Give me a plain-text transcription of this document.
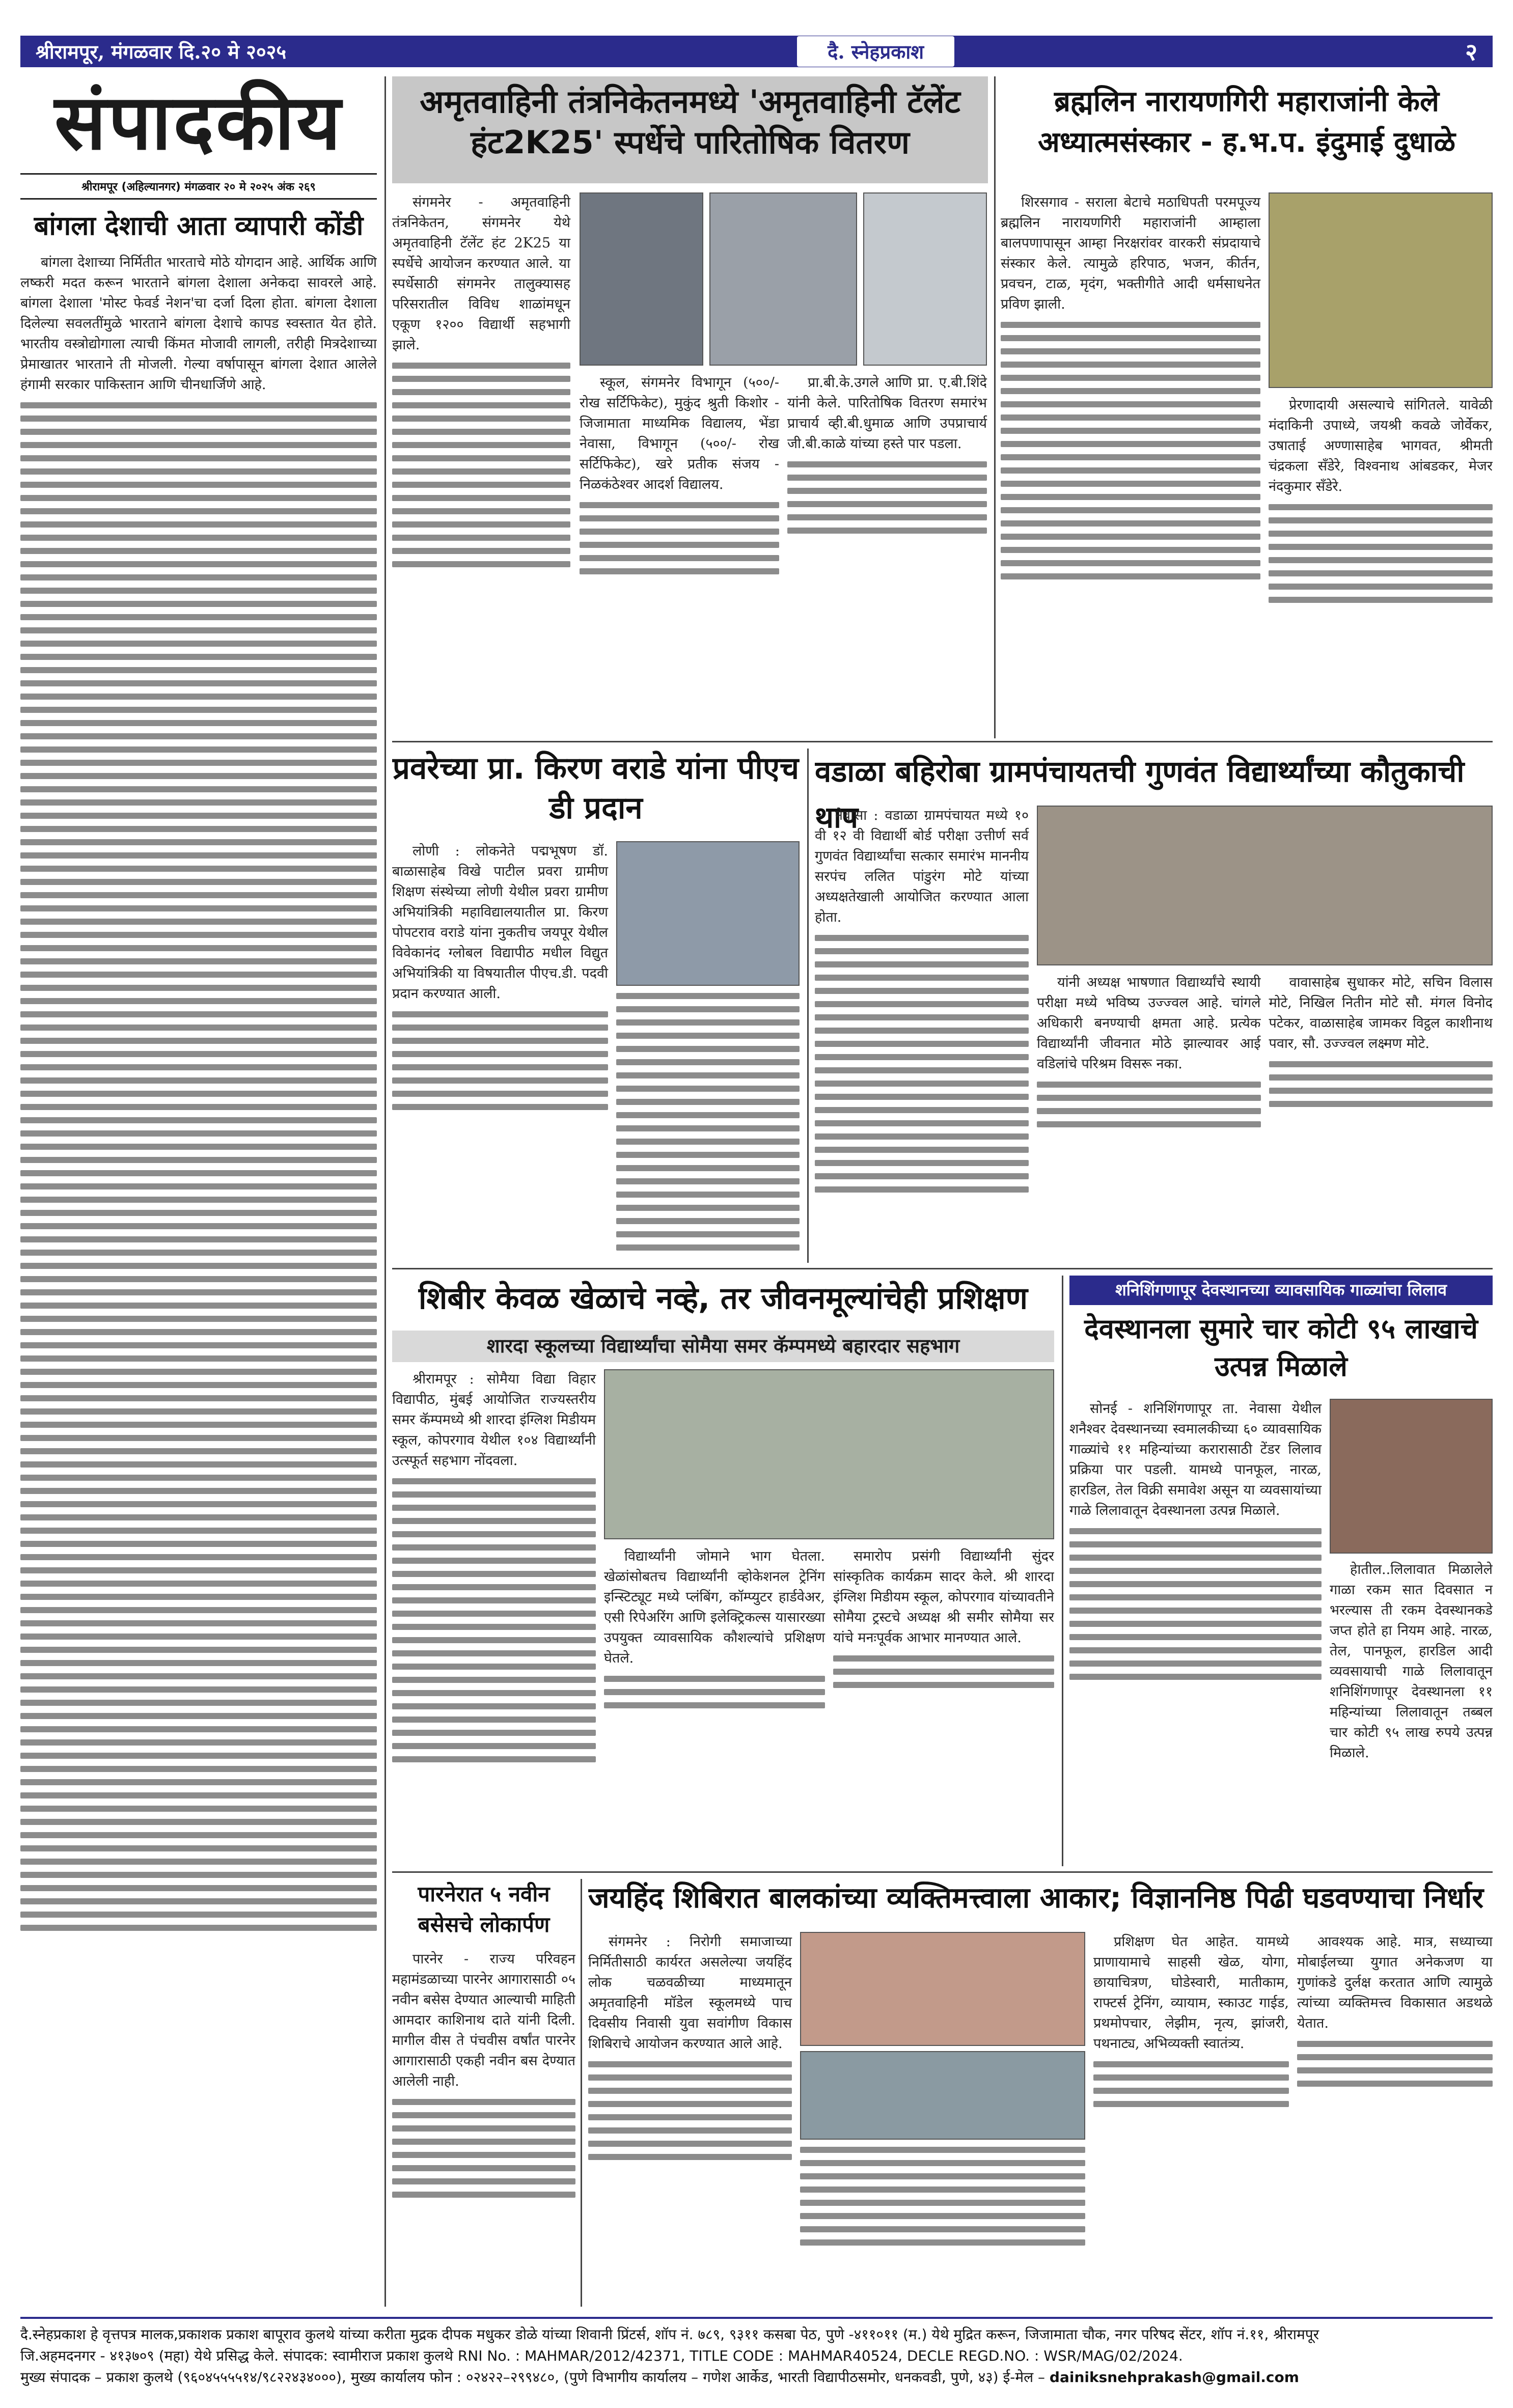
श्रीरामपूर, मंगळवार दि.२० मे २०२५	दै. स्नेहप्रकाश	२
संपादकीय
श्रीरामपूर (अहिल्यानगर) मंगळवार २० मे २०२५ अंक २६९
बांगला देशाची आता व्यापारी कोंडी

बांगला देशाच्या निर्मितीत भारताचे मोठे योगदान आहे. आर्थिक आणि लष्करी मदत करून भारताने बांगला देशाला अनेकदा सावरले आहे. बांगला देशाला 'मोस्ट फेवर्ड नेशन'चा दर्जा दिला होता. बांगला देशाला दिलेल्या सवलतींमुळे भारताने बांगला देशाचे कापड स्वस्तात येत होते. भारतीय वस्त्रोद्योगाला त्याची किंमत मोजावी लागली, तरीही मित्रदेशाच्या प्रेमाखातर भारताने ती मोजली. गेल्या वर्षापासून बांगला देशात आलेले हंगामी सरकार पाकिस्तान आणि चीनधार्जिणे आहे.

अमृतवाहिनी तंत्रनिकेतनमध्ये 'अमृतवाहिनी टॅलेंट हंट2K25' स्पर्धेचे पारितोषिक वितरण

संगमनेर - अमृतवाहिनी तंत्रनिकेतन, संगमनेर येथे अमृतवाहिनी टॅलेंट हंट 2K25 या स्पर्धेचे आयोजन करण्यात आले. या स्पर्धेसाठी संगमनेर तालुक्यासह परिसरातील विविध शाळांमधून एकूण १२०० विद्यार्थी सहभागी झाले.

स्कूल, संगमनेर विभागून (५००/- रोख सर्टिफिकेट), मुकुंद श्रुती किशोर - जिजामाता माध्यमिक विद्यालय, भेंडा नेवासा, विभागून (५००/- रोख सर्टिफिकेट), खरे प्रतीक संजय - निळकंठेश्वर आदर्श विद्यालय.

प्रा.बी.के.उगले आणि प्रा. ए.बी.शिंदे यांनी केले. पारितोषिक वितरण समारंभ प्राचार्य व्ही.बी.धुमाळ आणि उपप्राचार्य जी.बी.काळे यांच्या हस्ते पार पडला.

ब्रह्मलिन नारायणगिरी महाराजांनी केले अध्यात्मसंस्कार - ह.भ.प. इंदुमाई दुधाळे

शिरसगाव - सराला बेटाचे मठाधिपती परमपूज्य ब्रह्मलिन नारायणगिरी महाराजांनी आम्हाला बालपणापासून आम्हा निरक्षरांवर वारकरी संप्रदायाचे संस्कार केले. त्यामुळे हरिपाठ, भजन, कीर्तन, प्रवचन, टाळ, मृदंग, भक्तीगीते आदी धर्मसाधनेत प्रविण झाली.

प्रेरणादायी असल्याचे सांगितले. यावेळी मंदाकिनी उपाध्ये, जयश्री कवळे जोर्वेकर, उषाताई अण्णासाहेब भागवत, श्रीमती चंद्रकला सँडेरे, विश्वनाथ आंबडकर, मेजर नंदकुमार सँडेरे.

प्रवरेच्या प्रा. किरण वराडे यांना पीएच डी प्रदान

लोणी : लोकनेते पद्मभूषण डॉ. बाळासाहेब विखे पाटील प्रवरा ग्रामीण शिक्षण संस्थेच्या लोणी येथील प्रवरा ग्रामीण अभियांत्रिकी महाविद्यालयातील प्रा. किरण पोपटराव वराडे यांना नुकतीच जयपूर येथील विवेकानंद ग्लोबल विद्यापीठ मधील विद्युत अभियांत्रिकी या विषयातील पीएच.डी. पदवी प्रदान करण्यात आली.

वडाळा बहिरोबा ग्रामपंचायतची गुणवंत विद्यार्थ्यांच्या कौतुकाची थाप

नेवासा : वडाळा ग्रामपंचायत मध्ये १० वी १२ वी विद्यार्थी बोर्ड परीक्षा उत्तीर्ण सर्व गुणवंत विद्यार्थ्यांचा सत्कार समारंभ माननीय सरपंच ललित पांडुरंग मोटे यांच्या अध्यक्षतेखाली आयोजित करण्यात आला होता.

यांनी अध्यक्ष भाषणात विद्यार्थ्यांचे स्थायी परीक्षा मध्ये भविष्य उज्ज्वल आहे. चांगले अधिकारी बनण्याची क्षमता आहे. प्रत्येक विद्यार्थ्यांनी जीवनात मोठे झाल्यावर आई वडिलांचे परिश्रम विसरू नका.

वावासाहेब सुधाकर मोटे, सचिन विलास मोटे, निखिल नितीन मोटे सौ. मंगल विनोद पटेकर, वाळासाहेब जामकर विट्ठल काशीनाथ पवार, सौ. उज्ज्वल लक्ष्मण मोटे.

शिबीर केवळ खेळाचे नव्हे, तर जीवनमूल्यांचेही प्रशिक्षण
शारदा स्कूलच्या विद्यार्थ्यांचा सोमैया समर कॅम्पमध्ये बहारदार सहभाग

श्रीरामपूर : सोमैया विद्या विहार विद्यापीठ, मुंबई आयोजित राज्यस्तरीय समर कॅम्पमध्ये श्री शारदा इंग्लिश मिडीयम स्कूल, कोपरगाव येथील १०४ विद्यार्थ्यांनी उत्स्फूर्त सहभाग नोंदवला.

विद्यार्थ्यांनी जोमाने भाग घेतला. खेळांसोबतच विद्यार्थ्यांनी व्होकेशनल ट्रेनिंग इन्स्टिट्यूट मध्ये प्लंबिंग, कॉम्प्युटर हार्डवेअर, एसी रिपेअरिंग आणि इलेक्ट्रिकल्स यासारख्या उपयुक्त व्यावसायिक कौशल्यांचे प्रशिक्षण घेतले.

समारोप प्रसंगी विद्यार्थ्यांनी सुंदर सांस्कृतिक कार्यक्रम सादर केले. श्री शारदा इंग्लिश मिडीयम स्कूल, कोपरगाव यांच्यावतीने सोमैया ट्रस्टचे अध्यक्ष श्री समीर सोमैया सर यांचे मनःपूर्वक आभार मानण्यात आले.

शनिशिंगणापूर देवस्थानच्या व्यावसायिक गाळ्यांचा लिलाव
देवस्थानला सुमारे चार कोटी ९५ लाखाचे उत्पन्न मिळाले

सोनई - शनिशिंगणापूर ता. नेवासा येथील शनैश्वर देवस्थानच्या स्वमालकीच्या ६० व्यावसायिक गाळ्यांचे ११ महिन्यांच्या करारासाठी टेंडर लिलाव प्रक्रिया पार पडली. यामध्ये पानफूल, नारळ, हारडिल, तेल विक्री समावेश असून या व्यवसायांच्या गाळे लिलावातून देवस्थानला उत्पन्न मिळाले.

हेातील..लिलावात मिळालेले गाळा रकम सात दिवसात न भरल्यास ती रकम देवस्थानकडे जप्त होते हा नियम आहे. नारळ, तेल, पानफूल, हारडिल आदी व्यवसायाची गाळे लिलावातून शनिशिंगणापूर देवस्थानला ११ महिन्यांच्या लिलावातून तब्बल चार कोटी ९५ लाख रुपये उत्पन्न मिळाले.

पारनेरात ५ नवीन बसेसचे लोकार्पण

पारनेर - राज्य परिवहन महामंडळाच्या पारनेर आगारासाठी ०५ नवीन बसेस देण्यात आल्याची माहिती आमदार काशिनाथ दाते यांनी दिली. मागील वीस ते पंचवीस वर्षांत पारनेर आगारासाठी एकही नवीन बस देण्यात आलेली नाही.

जयहिंद शिबिरात बालकांच्या व्यक्तिमत्त्वाला आकार; विज्ञाननिष्ठ पिढी घडवण्याचा निर्धार

संगमनेर : निरोगी समाजाच्या निर्मितीसाठी कार्यरत असलेल्या जयहिंद लोक चळवळीच्या माध्यमातून अमृतवाहिनी मॉडेल स्कूलमध्ये पाच दिवसीय निवासी युवा सवांगीण विकास शिबिराचे आयोजन करण्यात आले आहे.

प्रशिक्षण घेत आहेत. यामध्ये प्राणायामाचे साहसी खेळ, योगा, छायाचित्रण, घोडेस्वारी, मातीकाम, राफ्टर्स ट्रेनिंग, व्यायाम, स्काउट गाईड, प्रथमोपचार, लेझीम, नृत्य, झांजरी, पथनाट्य, अभिव्यक्ती स्वातंत्र्य.

आवश्यक आहे. मात्र, सध्याच्या मोबाईलच्या युगात अनेकजण या गुणांकडे दुर्लक्ष करतात आणि त्यामुळे त्यांच्या व्यक्तिमत्त्व विकासात अडथळे येतात.

दै.स्नेहप्रकाश हे वृत्तपत्र मालक,प्रकाशक प्रकाश बापूराव कुलथे यांच्या करीता मुद्रक दीपक मधुकर डोळे यांच्या शिवानी प्रिंटर्स, शॉप नं. ७८९, ९३११ कसबा पेठ, पुणे -४११०११ (म.) येथे मुद्रित करून, जिजामाता चौक, नगर परिषद सेंटर, शॉप नं.११, श्रीरामपूर
जि.अहमदनगर - ४१३७०९ (महा) येथे प्रसिद्ध केले. संपादक: स्वामीराज प्रकाश कुलथे RNI No. : MAHMAR/2012/42371, TITLE CODE : MAHMAR40524, DECLE REGD.NO. : WSR/MAG/02/2024.
मुख्य संपादक – प्रकाश कुलथे (९६०४५५५५१४/९८२२४३४०००), मुख्य कार्यालय फोन : ०२४२२–२९९४८०, (पुणे विभागीय कार्यालय – गणेश आर्केड, भारती विद्यापीठसमोर, धनकवडी, पुणे, ४३) ई-मेल – dainiksnehprakash@gmail.com
